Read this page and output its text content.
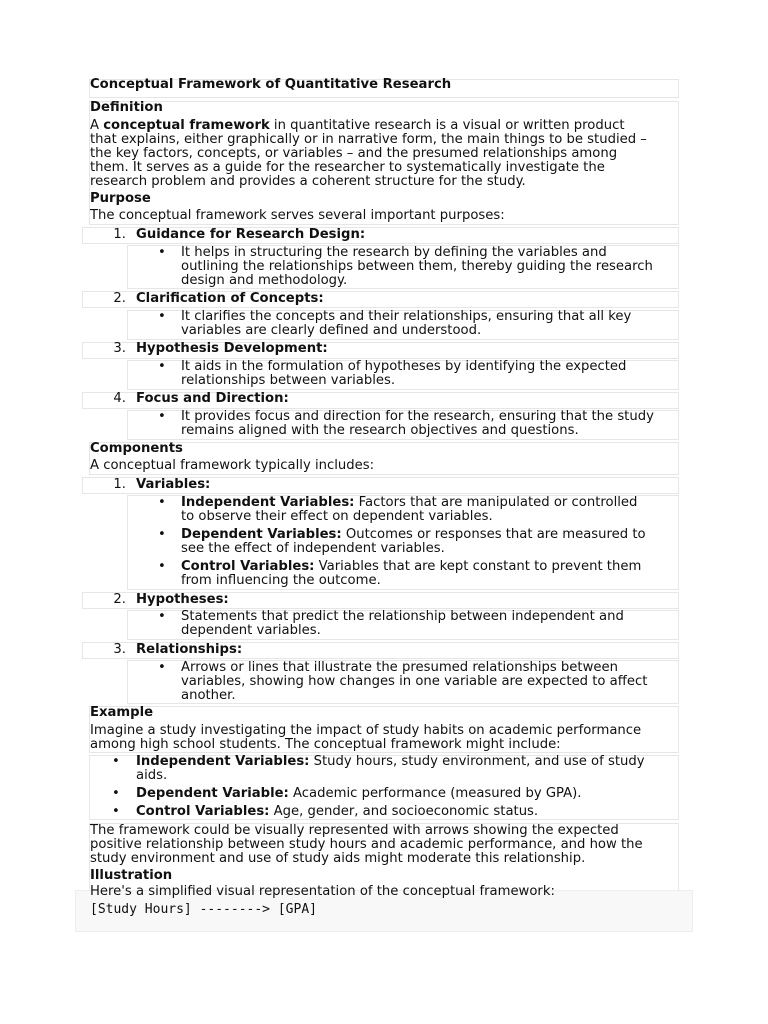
Conceptual Framework of Quantitative Research
Definition
A conceptual framework in quantitative research is a visual or written product
that explains, either graphically or in narrative form, the main things to be studied –
the key factors, concepts, or variables – and the presumed relationships among
them. It serves as a guide for the researcher to systematically investigate the
research problem and provides a coherent structure for the study.
Purpose
The conceptual framework serves several important purposes:
1. Guidance for Research Design:
•
It helps in structuring the research by defining the variables and
outlining the relationships between them, thereby guiding the research
design and methodology.
2. Clarification of Concepts:
•
It clarifies the concepts and their relationships, ensuring that all key
variables are clearly defined and understood.
3. Hypothesis Development:
•
It aids in the formulation of hypotheses by identifying the expected
relationships between variables.
4. Focus and Direction:
•
It provides focus and direction for the research, ensuring that the study
remains aligned with the research objectives and questions.
Components
A conceptual framework typically includes:
1. Variables:
•
Independent Variables: Factors that are manipulated or controlled
to observe their effect on dependent variables.
•
Dependent Variables: Outcomes or responses that are measured to
see the effect of independent variables.
•
Control Variables: Variables that are kept constant to prevent them
from influencing the outcome.
2. Hypotheses:
•
Statements that predict the relationship between independent and
dependent variables.
3. Relationships:
•
Arrows or lines that illustrate the presumed relationships between
variables, showing how changes in one variable are expected to affect
another.
Example
Imagine a study investigating the impact of study habits on academic performance
among high school students. The conceptual framework might include:
•
Independent Variables: Study hours, study environment, and use of study
aids.
•
Dependent Variable: Academic performance (measured by GPA).
•
Control Variables: Age, gender, and socioeconomic status.
The framework could be visually represented with arrows showing the expected
positive relationship between study hours and academic performance, and how the
study environment and use of study aids might moderate this relationship.
Illustration
Here's a simplified visual representation of the conceptual framework:
[Study Hours] --------> [GPA]
